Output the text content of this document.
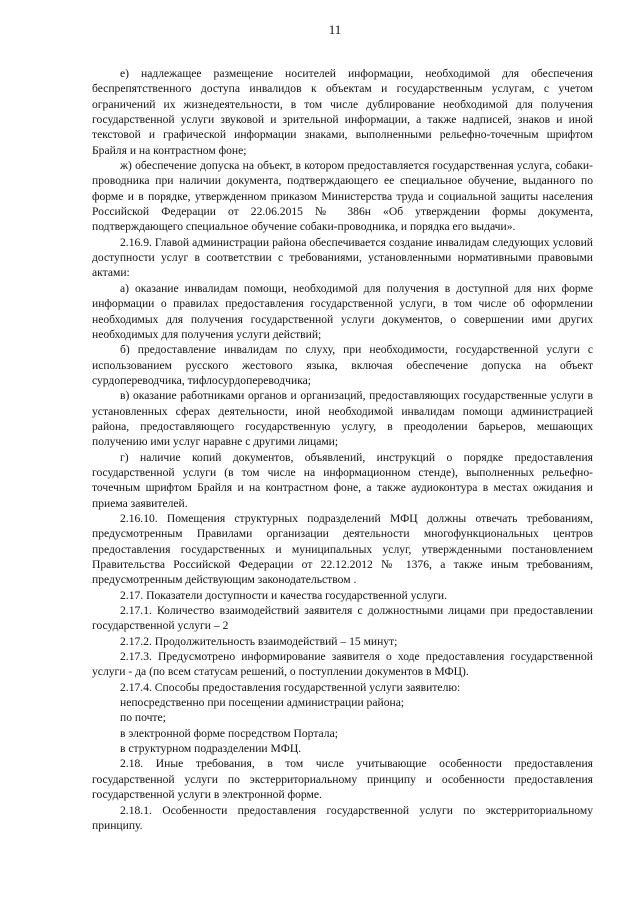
11

е) надлежащее размещение носителей информации, необходимой для обеспечения беспрепятственного доступа инвалидов к объектам и государственным услугам, с учетом ограничений их жизнедеятельности, в том числе дублирование необходимой для получения государственной услуги звуковой и зрительной информации, а также надписей, знаков и иной текстовой и графической информации знаками, выполненными рельефно-точечным шрифтом Брайля и на контрастном фоне;

ж) обеспечение допуска на объект, в котором предоставляется государственная услуга, собаки-проводника при наличии документа, подтверждающего ее специальное обучение, выданного по форме и в порядке, утвержденном приказом Министерства труда и социальной защиты населения Российской Федерации от 22.06.2015 № 386н «Об утверждении формы документа, подтверждающего специальное обучение собаки-проводника, и порядка его выдачи».

2.16.9. Главой администрации района обеспечивается создание инвалидам следующих условий доступности услуг в соответствии с требованиями, установленными нормативными правовыми актами:

а) оказание инвалидам помощи, необходимой для получения в доступной для них форме информации о правилах предоставления государственной услуги, в том числе об оформлении необходимых для получения государственной услуги документов, о совершении ими других необходимых для получения услуги действий;

б) предоставление инвалидам по слуху, при необходимости, государственной услуги с использованием русского жестового языка, включая обеспечение допуска на объект сурдопереводчика, тифлосурдопереводчика;

в) оказание работниками органов и организаций, предоставляющих государственные услуги в установленных сферах деятельности, иной необходимой инвалидам помощи администрацией района, предоставляющего государственную услугу, в преодолении барьеров, мешающих получению ими услуг наравне с другими лицами;

г) наличие копий документов, объявлений, инструкций о порядке предоставления государственной услуги (в том числе на информационном стенде), выполненных рельефно-точечным шрифтом Брайля и на контрастном фоне, а также аудиоконтура в местах ожидания и приема заявителей.

2.16.10. Помещения структурных подразделений МФЦ должны отвечать требованиям, предусмотренным Правилами организации деятельности многофункциональных центров предоставления государственных и муниципальных услуг, утвержденными постановлением Правительства Российской Федерации от 22.12.2012 № 1376, а также иным требованиям, предусмотренным действующим законодательством .

2.17. Показатели доступности и качества государственной услуги.

2.17.1. Количество взаимодействий заявителя с должностными лицами при предоставлении государственной услуги – 2

2.17.2. Продолжительность взаимодействий – 15 минут;

2.17.3. Предусмотрено информирование заявителя о ходе предоставления государственной услуги - да (по всем статусам решений, о поступлении документов в МФЦ).

2.17.4. Способы предоставления государственной услуги заявителю:

непосредственно при посещении администрации района;

по почте;

в электронной форме посредством Портала;

в структурном подразделении МФЦ.

2.18. Иные требования, в том числе учитывающие особенности предоставления государственной услуги по экстерриториальному принципу и особенности предоставления государственной услуги в электронной форме.

2.18.1. Особенности предоставления государственной услуги по экстерриториальному принципу.
